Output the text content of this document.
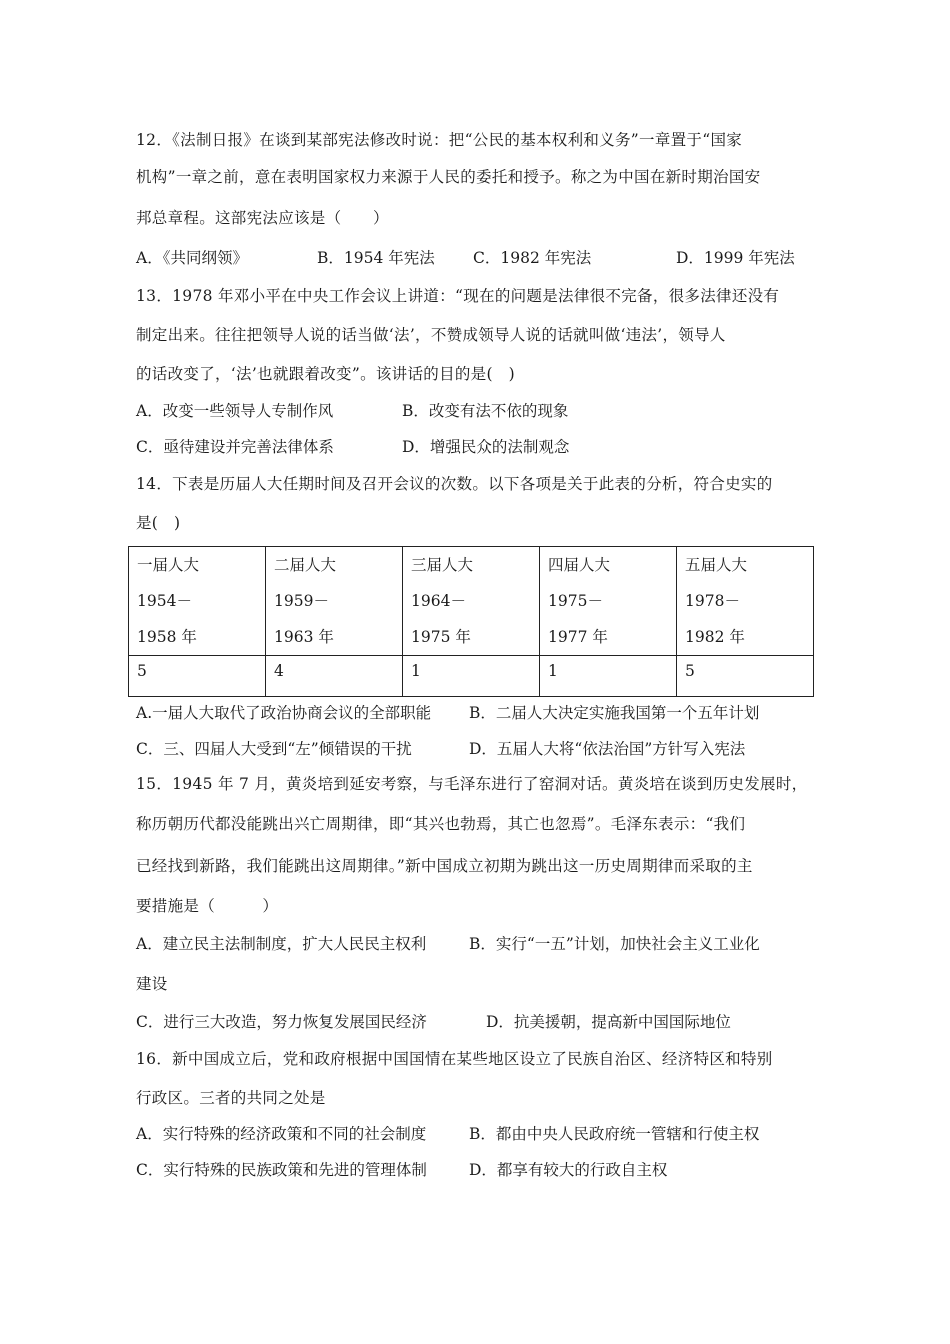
12．《法制日报》在谈到某部宪法修改时说：把“公民的基本权利和义务”一章置于“国家
机构”一章之前，意在表明国家权力来源于人民的委托和授予。称之为中国在新时期治国安
邦总章程。这部宪法应该是（　　）
A．《共同纲领》	B．1954 年宪法 C．1982 年宪法	D．1999 年宪法
13．1978 年邓小平在中央工作会议上讲道：“现在的问题是法律很不完备，很多法律还没有
制定出来。往往把领导人说的话当做‘法’，不赞成领导人说的话就叫做‘违法’，领导人
的话改变了，‘法’也就跟着改变”。该讲话的目的是(　)
A．改变一些领导人专制作风	B．改变有法不依的现象
C．亟待建设并完善法律体系	D．增强民众的法制观念
14．下表是历届人大任期时间及召开会议的次数。以下各项是关于此表的分析，符合史实的
是(　)
一届人大
1954－
1958 年	二届人大
1959－
1963 年	三届人大
1964－
1975 年	四届人大
1975－
1977 年	五届人大
1978－
1982 年

5	4	1	1	5
A.一届人大取代了政治协商会议的全部职能 B．二届人大决定实施我国第一个五年计划
C．三、四届人大受到“左”倾错误的干扰	D．五届人大将“依法治国”方针写入宪法
15．1945 年 7 月，黄炎培到延安考察，与毛泽东进行了窑洞对话。黄炎培在谈到历史发展时，
称历朝历代都没能跳出兴亡周期律，即“其兴也勃焉，其亡也忽焉”。毛泽东表示：“我们
已经找到新路，我们能跳出这周期律。”新中国成立初期为跳出这一历史周期律而采取的主
要措施是（　　　）
A．建立民主法制制度，扩大人民民主权利	B．实行“一五”计划，加快社会主义工业化
建设
C．进行三大改造，努力恢复发展国民经济	D．抗美援朝，提高新中国国际地位
16．新中国成立后，党和政府根据中国国情在某些地区设立了民族自治区、经济特区和特别
行政区。三者的共同之处是
A．实行特殊的经济政策和不同的社会制度	B．都由中央人民政府统一管辖和行使主权
C．实行特殊的民族政策和先进的管理体制	D．都享有较大的行政自主权
